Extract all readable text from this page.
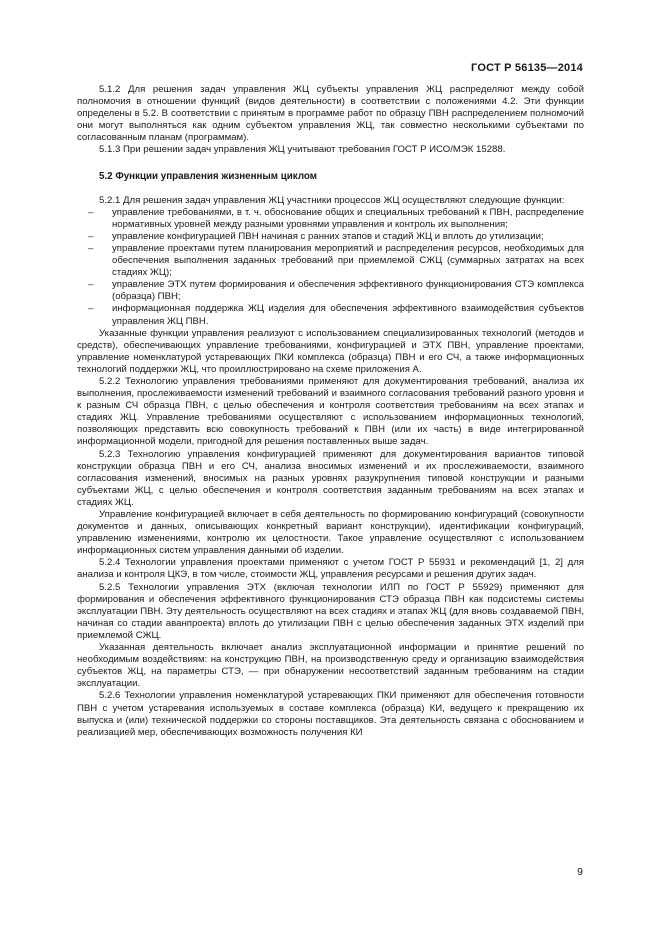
ГОСТ Р 56135—2014

5.1.2 Для решения задач управления ЖЦ субъекты управления ЖЦ распределяют между собой полномочия в отношении функций (видов деятельности) в соответствии с положениями 4.2. Эти функции определены в 5.2. В соответствии с принятым в программе работ по образцу ПВН распределением полномочий они могут выполняться как одним субъектом управления ЖЦ, так совместно несколькими субъектами по согласованным планам (программам).

5.1.3 При решении задач управления ЖЦ учитывают требования ГОСТ Р ИСО/МЭК 15288.

5.2 Функции управления жизненным циклом

5.2.1 Для решения задач управления ЖЦ участники процессов ЖЦ осуществляют следующие функции:

–	управление требованиями, в т. ч. обоснование общих и специальных требований к ПВН, распределение нормативных уровней между разными уровнями управления и контроль их выполнения;
–	управление конфигурацией ПВН начиная с ранних этапов и стадий ЖЦ и вплоть до утилизации;
–	управление проектами путем планирования мероприятий и распределения ресурсов, необходимых для обеспечения выполнения заданных требований при приемлемой СЖЦ (суммарных затратах на всех стадиях ЖЦ);
–	управление ЭТХ путем формирования и обеспечения эффективного функционирования СТЭ комплекса (образца) ПВН;
–	информационная поддержка ЖЦ изделия для обеспечения эффективного взаимодействия субъектов управления ЖЦ ПВН.

Указанные функции управления реализуют с использованием специализированных технологий (методов и средств), обеспечивающих управление требованиями, конфигурацией и ЭТХ ПВН, управление проектами, управление номенклатурой устаревающих ПКИ комплекса (образца) ПВН и его СЧ, а также информационных технологий поддержки ЖЦ, что проиллюстрировано на схеме приложения А.

5.2.2 Технологию управления требованиями применяют для документирования требований, анализа их выполнения, прослеживаемости изменений требований и взаимного согласования требований разного уровня и к разным СЧ образца ПВН, с целью обеспечения и контроля соответствия требованиям на всех этапах и стадиях ЖЦ. Управление требованиями осуществляют с использованием информационных технологий, позволяющих представить всю совокупность требований к ПВН (или их часть) в виде интегрированной информационной модели, пригодной для решения поставленных выше задач.

5.2.3 Технологию управления конфигурацией применяют для документирования вариантов типовой конструкции образца ПВН и его СЧ, анализа вносимых изменений и их прослеживаемости, взаимного согласования изменений, вносимых на разных уровнях разукрупнения типовой конструкции и разными субъектами ЖЦ, с целью обеспечения и контроля соответствия заданным требованиям на всех этапах и стадиях ЖЦ.

Управление конфигурацией включает в себя деятельность по формированию конфигураций (совокупности документов и данных, описывающих конкретный вариант конструкции), идентификации конфигураций, управлению изменениями, контролю их целостности. Такое управление осуществляют с использованием информационных систем управления данными об изделии.

5.2.4 Технологии управления проектами применяют с учетом ГОСТ Р 55931 и рекомендаций [1, 2] для анализа и контроля ЦКЭ, в том числе, стоимости ЖЦ, управления ресурсами и решения других задач.

5.2.5 Технологии управления ЭТХ (включая технологии ИЛП по ГОСТ Р 55929) применяют для формирования и обеспечения эффективного функционирования СТЭ образца ПВН как подсистемы системы эксплуатации ПВН. Эту деятельность осуществляют на всех стадиях и этапах ЖЦ (для вновь создаваемой ПВН, начиная со стадии аванпроекта) вплоть до утилизации ПВН с целью обеспечения заданных ЭТХ изделий при приемлемой СЖЦ.

Указанная деятельность включает анализ эксплуатационной информации и принятие решений по необходимым воздействиям: на конструкцию ПВН, на производственную среду и организацию взаимодействия субъектов ЖЦ, на параметры СТЭ, — при обнаружении несоответствий заданным требованиям на стадии эксплуатации.

5.2.6 Технологии управления номенклатурой устаревающих ПКИ применяют для обеспечения готовности ПВН с учетом устаревания используемых в составе комплекса (образца) КИ, ведущего к прекращению их выпуска и (или) технической поддержки со стороны поставщиков. Эта деятельность связана с обоснованием и реализацией мер, обеспечивающих возможность получения КИ

9
